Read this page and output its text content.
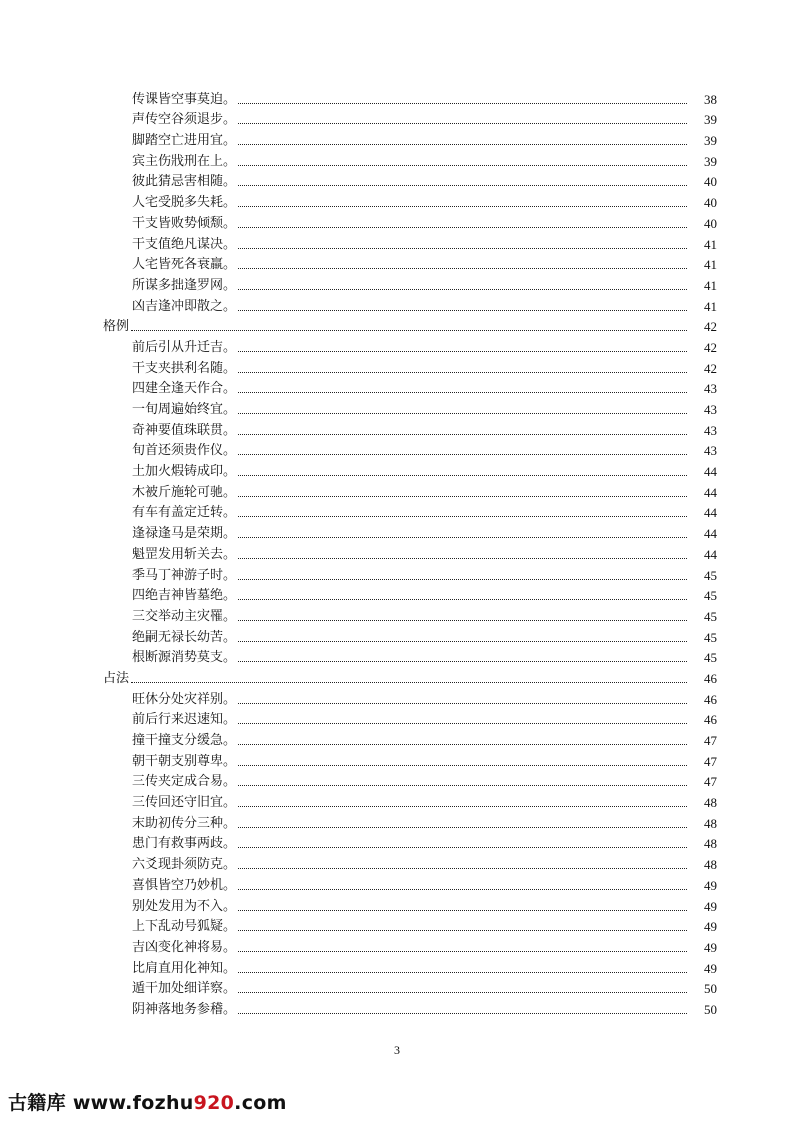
传课皆空事莫迫。	38
声传空谷须退步。	39
脚踏空亡进用宜。	39
宾主伤戕刑在上。	39
彼此猜忌害相随。	40
人宅受脱多失耗。	40
干支皆败势倾颓。	40
干支值绝凡谋决。	41
人宅皆死各衰羸。	41
所谋多拙逢罗网。	41
凶吉逢冲即散之。	41
格例	42
前后引从升迁吉。	42
干支夹拱利名随。	42
四建全逢天作合。	43
一旬周遍始终宜。	43
奇神要值珠联贯。	43
旬首还须贵作仪。	43
土加火煆铸成印。	44
木被斤施轮可驰。	44
有车有盖定迁转。	44
逢禄逢马是荣期。	44
魁罡发用斩关去。	44
季马丁神游子时。	45
四绝吉神皆墓绝。	45
三交举动主灾罹。	45
绝嗣无禄长幼苦。	45
根断源消势莫支。	45
占法	46
旺休分处灾祥别。	46
前后行来迟速知。	46
撞干撞支分缓急。	47
朝干朝支别尊卑。	47
三传夹定成合易。	47
三传回还守旧宜。	48
末助初传分三种。	48
患门有救事两歧。	48
六爻现卦须防克。	48
喜惧皆空乃妙机。	49
别处发用为不入。	49
上下乱动号狐疑。	49
吉凶变化神将易。	49
比肩直用化神知。	49
遁干加处细详察。	50
阴神落地务参稽。	50
3
古籍库 www.fozhu920.com
